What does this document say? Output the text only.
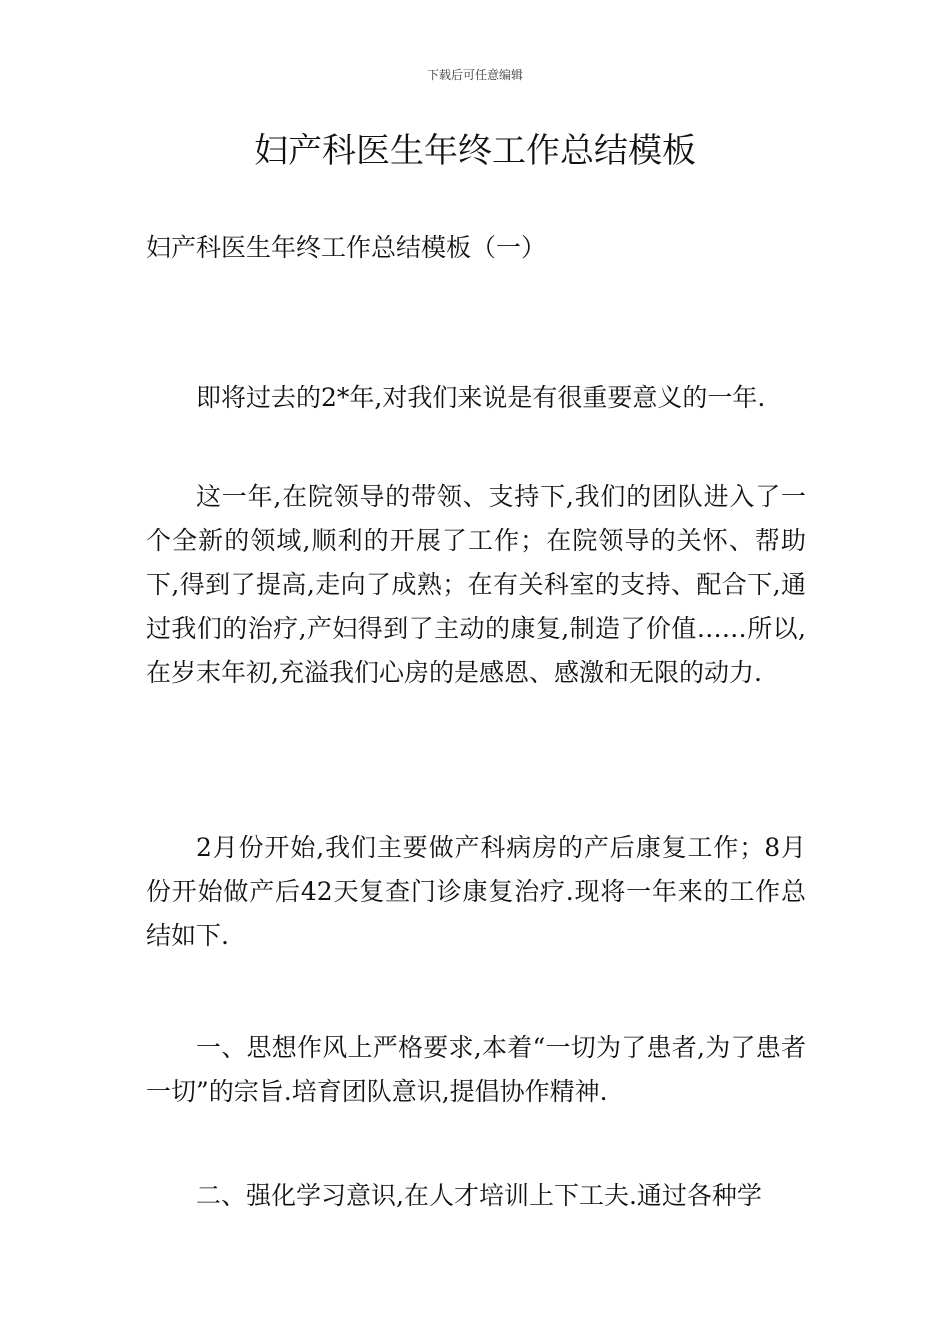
下载后可任意编辑
妇产科医生年终工作总结模板

妇产科医生年终工作总结模板（一）

即将过去的2*年,对我们来说是有很重要意义的一年.

这一年,在院领导的带领、支持下,我们的团队进入了一个全新的领域,顺利的开展了工作；在院领导的关怀、帮助下,得到了提高,走向了成熟；在有关科室的支持、配合下,通过我们的治疗,产妇得到了主动的康复,制造了价值……所以,在岁末年初,充溢我们心房的是感恩、感激和无限的动力.

2月份开始,我们主要做产科病房的产后康复工作；8月份开始做产后42天复查门诊康复治疗.现将一年来的工作总结如下.

一、思想作风上严格要求,本着“一切为了患者,为了患者一切”的宗旨.培育团队意识,提倡协作精神.

二、强化学习意识,在人才培训上下工夫.通过各种学
